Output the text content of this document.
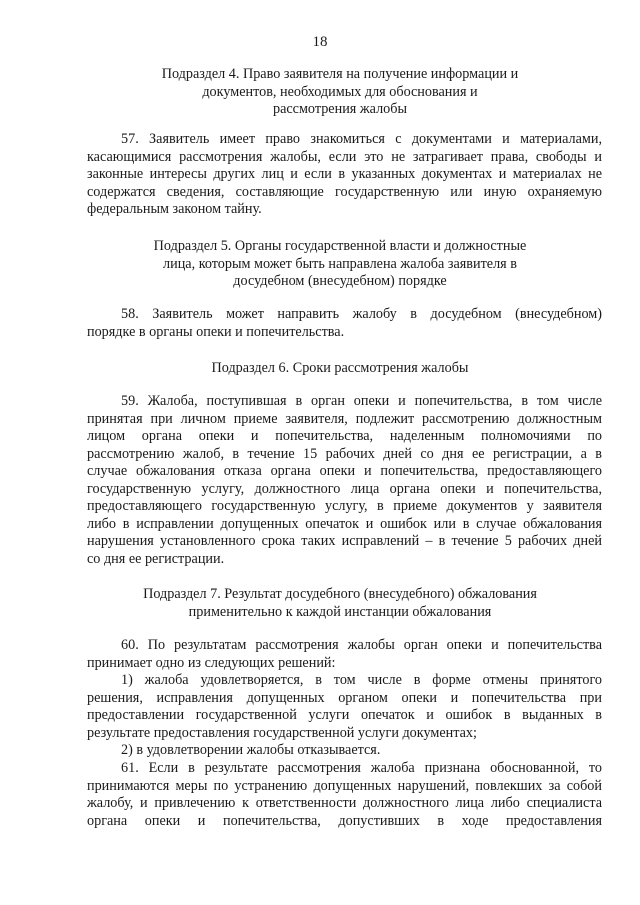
18
Подраздел 4. Право заявителя на получение информации и
документов, необходимых для обоснования и
рассмотрения жалобы
57. Заявитель имеет право знакомиться с документами и материалами,
касающимися рассмотрения жалобы, если это не затрагивает права, свободы и
законные интересы других лиц и если в указанных документах и материалах не
содержатся сведения, составляющие государственную или иную охраняемую
федеральным законом тайну.
Подраздел 5. Органы государственной власти и должностные
лица, которым может быть направлена жалоба заявителя в
досудебном (внесудебном) порядке
58. Заявитель может направить жалобу в досудебном (внесудебном)
порядке в органы опеки и попечительства.
Подраздел 6. Сроки рассмотрения жалобы
59. Жалоба, поступившая в орган опеки и попечительства, в том числе
принятая при личном приеме заявителя, подлежит рассмотрению должностным
лицом органа опеки и попечительства, наделенным полномочиями по
рассмотрению жалоб, в течение 15 рабочих дней со дня ее регистрации, а в
случае обжалования отказа органа опеки и попечительства, предоставляющего
государственную услугу, должностного лица органа опеки и попечительства,
предоставляющего государственную услугу, в приеме документов у заявителя
либо в исправлении допущенных опечаток и ошибок или в случае обжалования
нарушения установленного срока таких исправлений – в течение 5 рабочих дней
со дня ее регистрации.
Подраздел 7. Результат досудебного (внесудебного) обжалования
применительно к каждой инстанции обжалования
60. По результатам рассмотрения жалобы орган опеки и попечительства
принимает одно из следующих решений:
1) жалоба удовлетворяется, в том числе в форме отмены принятого
решения, исправления допущенных органом опеки и попечительства при
предоставлении государственной услуги опечаток и ошибок в выданных в
результате предоставления государственной услуги документах;
2) в удовлетворении жалобы отказывается.
61. Если в результате рассмотрения жалоба признана обоснованной, то
принимаются меры по устранению допущенных нарушений, повлекших за собой
жалобу, и привлечению к ответственности должностного лица либо специалиста
органа опеки и попечительства, допустивших в ходе предоставления
